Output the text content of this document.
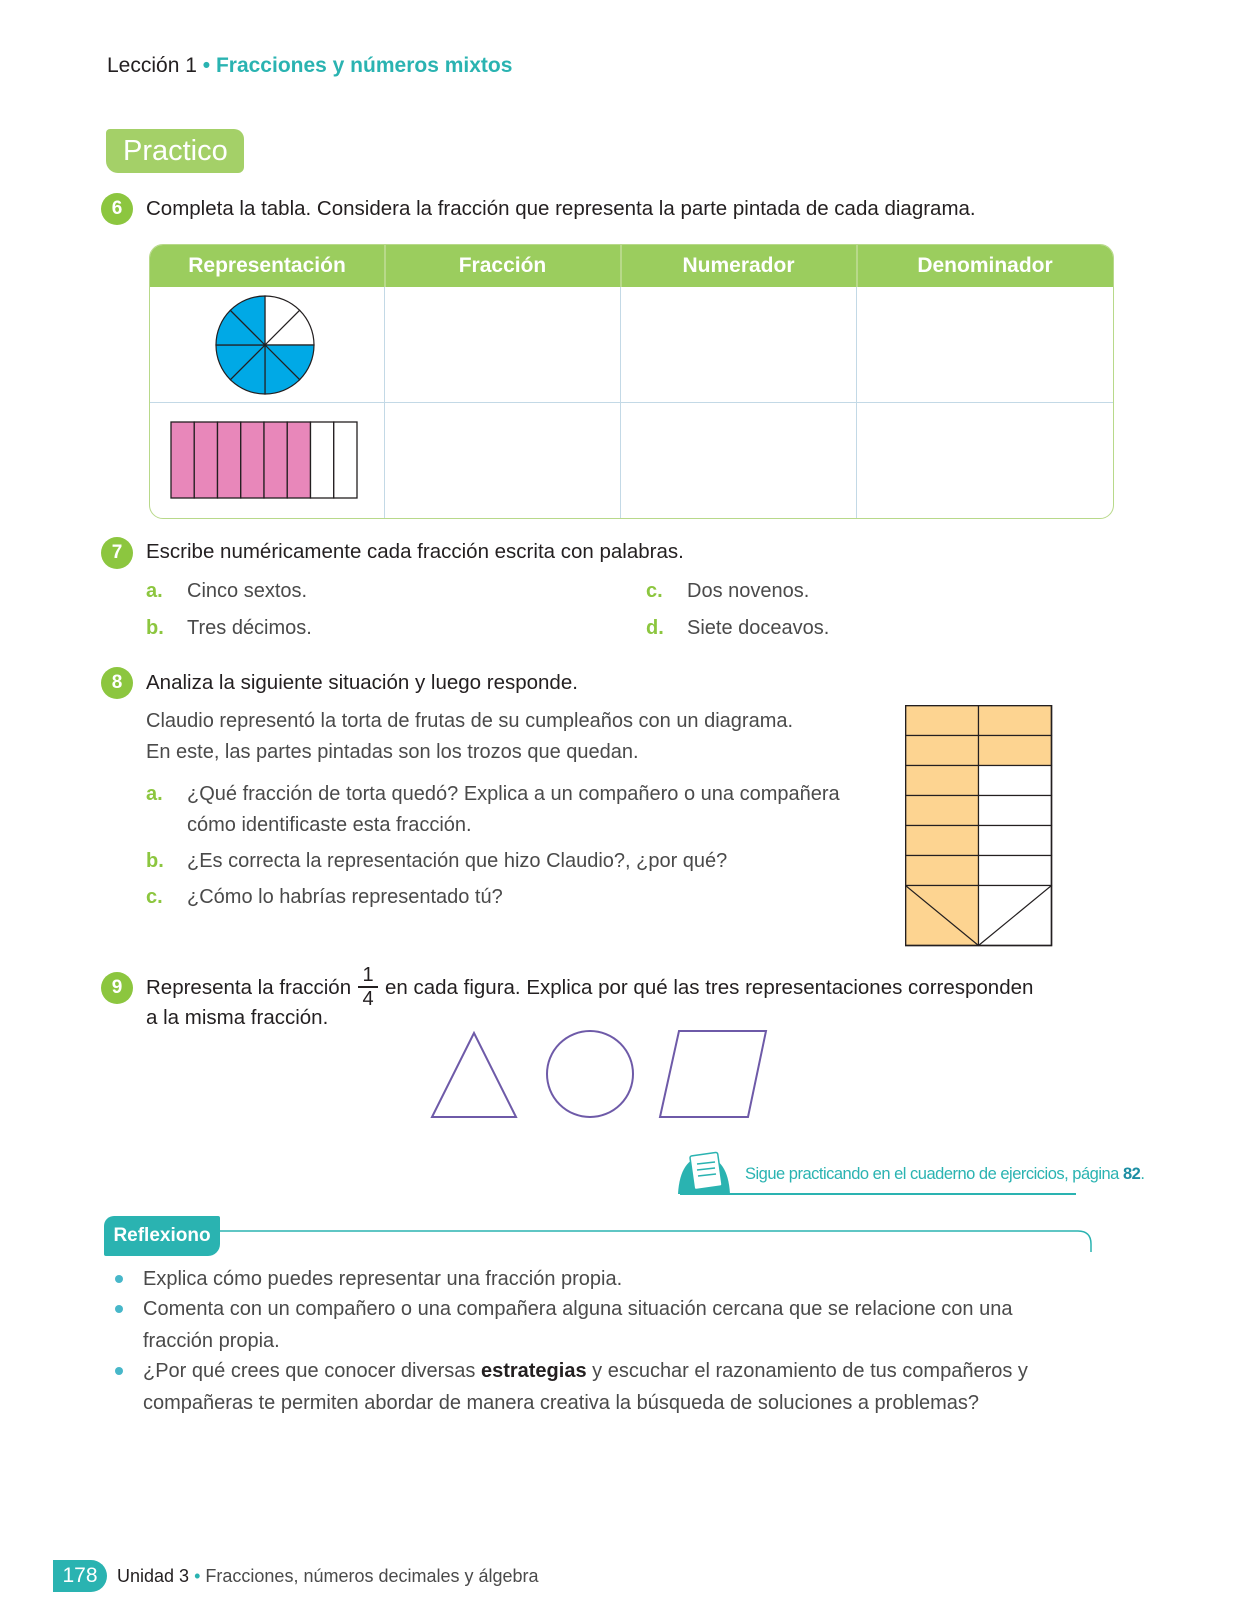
Lección 1 • Fracciones y números mixtos
Practico
6	Completa la tabla. Considera la fracción que representa la parte pintada de cada diagrama.
Representación	Fracción	Numerador	Denominador
7	Escribe numéricamente cada fracción escrita con palabras.
a. Cinco sextos.
b. Tres décimos.
c. Dos novenos.
d. Siete doceavos.
8	Analiza la siguiente situación y luego responde.
Claudio representó la torta de frutas de su cumpleaños con un diagrama.
En este, las partes pintadas son los trozos que quedan.
a. ¿Qué fracción de torta quedó? Explica a un compañero o una compañera
cómo identificaste esta fracción.
b. ¿Es correcta la representación que hizo Claudio?, ¿por qué?
c. ¿Cómo lo habrías representado tú?
9	Representa la fracción
1
4 en cada figura. Explica por qué las tres representaciones corresponden
a la misma fracción.
Sigue practicando en el cuaderno de ejercicios, página 82.
Reflexiono
Explica cómo puedes representar una fracción propia.
Comenta con un compañero o una compañera alguna situación cercana que se relacione con una
fracción propia.
¿Por qué crees que conocer diversas estrategias y escuchar el razonamiento de tus compañeros y
compañeras te permiten abordar de manera creativa la búsqueda de soluciones a problemas?
178	Unidad 3 • Fracciones, números decimales y álgebra
